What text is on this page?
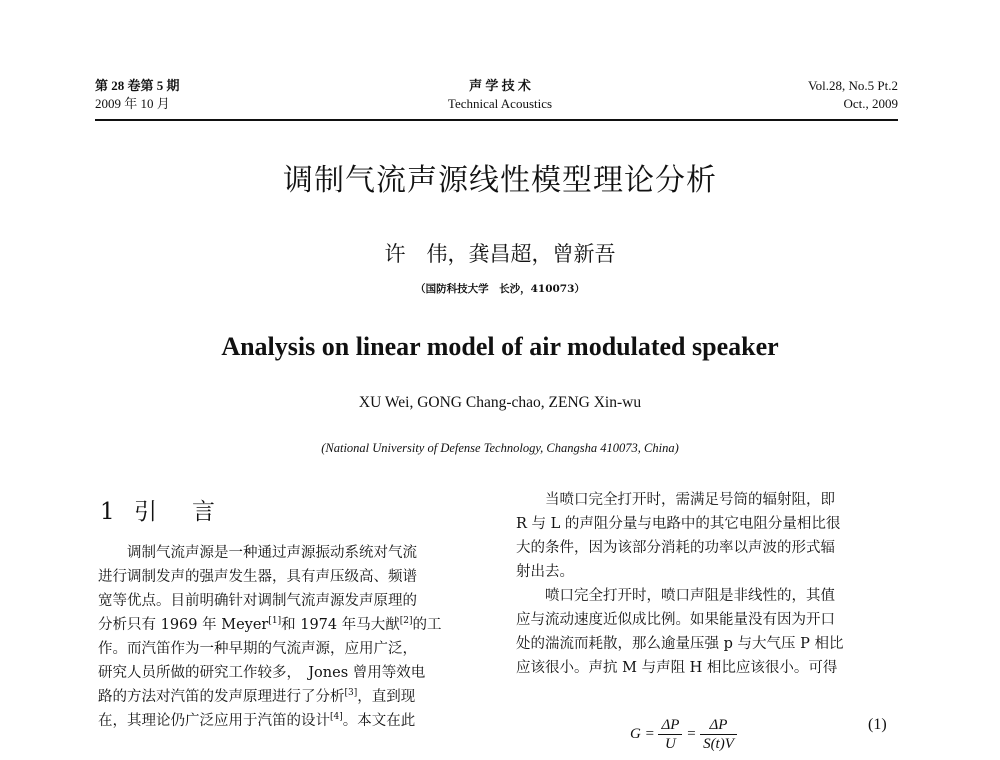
第 28 卷第 5 期
2009 年 10 月
声 学 技 术
Technical Acoustics
Vol.28, No.5 Pt.2
Oct., 2009
调制气流声源线性模型理论分析
许　伟，龚昌超，曾新吾
（国防科技大学　长沙，410073）
Analysis on linear model of air modulated speaker
XU Wei, GONG Chang-chao, ZENG Xin-wu
(National University of Defense Technology, Changsha 410073, China)
1 引　言

调制气流声源是一种通过声源振动系统对气流

进行调制发声的强声发生器，具有声压级高、频谱

宽等优点。目前明确针对调制气流声源发声原理的

分析只有 1969 年 Meyer[1]和 1974 年马大猷[2]的工

作。而汽笛作为一种早期的气流声源，应用广泛，

研究人员所做的研究工作较多，　Jones 曾用等效电

路的方法对汽笛的发声原理进行了分析[3]，直到现

在，其理论仍广泛应用于汽笛的设计[4]。本文在此

当喷口完全打开时，需满足号筒的辐射阻，即

R 与 L 的声阻分量与电路中的其它电阻分量相比很

大的条件，因为该部分消耗的功率以声波的形式辐

射出去。

喷口完全打开时，喷口声阻是非线性的，其值

应与流动速度近似成比例。如果能量没有因为开口

处的湍流而耗散，那么逾量压强 p 与大气压 P 相比

应该很小。声抗 M 与声阻 H 相比应该很小。可得

$G = \frac{\Delta P}{U} = \frac{\Delta P}{S(t)V}$	(1)
